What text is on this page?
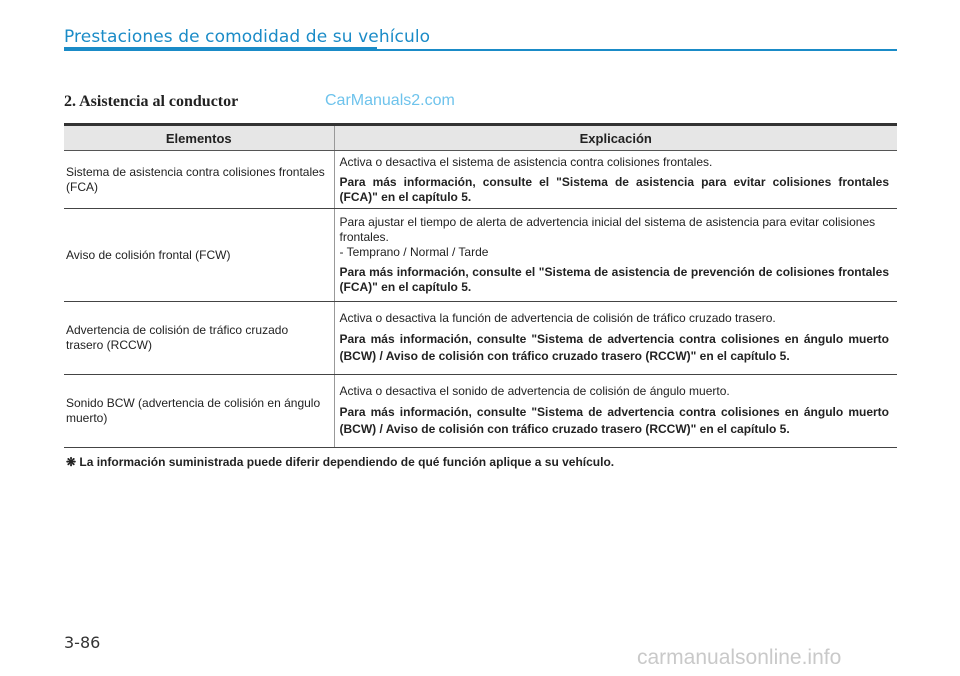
Prestaciones de comodidad de su vehículo
2. Asistencia al conductor	CarManuals2.com
Elementos	Explicación
Sistema de asistencia contra colisiones frontales (FCA)	Activa o desactiva el sistema de asistencia contra colisiones frontales.
Para más información, consulte el "Sistema de asistencia para evitar colisiones frontales (FCA)" en el capítulo 5.

Aviso de colisión frontal (FCW)	Para ajustar el tiempo de alerta de advertencia inicial del sistema de asistencia para evitar colisiones frontales.
- Temprano / Normal / Tarde
Para más información, consulte el "Sistema de asistencia de prevención de colisiones frontales (FCA)" en el capítulo 5.

Advertencia de colisión de tráfico cruzado trasero (RCCW)	Activa o desactiva la función de advertencia de colisión de tráfico cruzado trasero.
Para más información, consulte "Sistema de advertencia contra colisiones en ángulo muerto (BCW) / Aviso de colisión con tráfico cruzado trasero (RCCW)" en el capítulo 5.

Sonido BCW (advertencia de colisión en ángulo muerto)	Activa o desactiva el sonido de advertencia de colisión de ángulo muerto.
Para más información, consulte "Sistema de advertencia contra colisiones en ángulo muerto (BCW) / Aviso de colisión con tráfico cruzado trasero (RCCW)" en el capítulo 5.
❋ La información suministrada puede diferir dependiendo de qué función aplique a su vehículo.
3-86
carmanualsonline.info
